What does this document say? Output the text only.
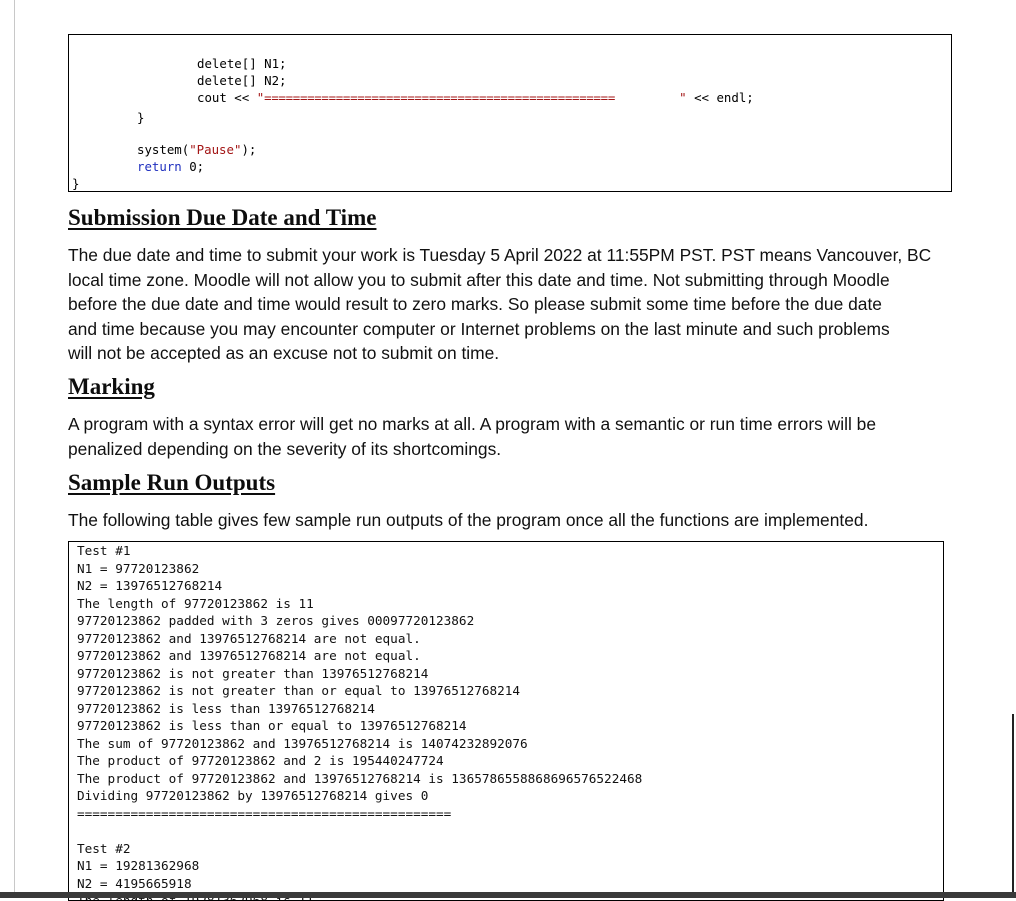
delete[] N1;
delete[] N2;
cout << "=================================================	" << endl;
}
system("Pause");
return 0;
}
Submission Due Date and Time
The due date and time to submit your work is Tuesday 5 April 2022 at 11:55PM PST. PST means Vancouver, BC
local time zone. Moodle will not allow you to submit after this date and time. Not submitting through Moodle
before the due date and time would result to zero marks. So please submit some time before the due date
and time because you may encounter computer or Internet problems on the last minute and such problems
will not be accepted as an excuse not to submit on time.
Marking
A program with a syntax error will get no marks at all. A program with a semantic or run time errors will be
penalized depending on the severity of its shortcomings.
Sample Run Outputs
The following table gives few sample run outputs of the program once all the functions are implemented.
Test #1
N1 = 97720123862
N2 = 13976512768214
The length of 97720123862 is 11
97720123862 padded with 3 zeros gives 00097720123862
97720123862 and 13976512768214 are not equal.
97720123862 and 13976512768214 are not equal.
97720123862 is not greater than 13976512768214
97720123862 is not greater than or equal to 13976512768214
97720123862 is less than 13976512768214
97720123862 is less than or equal to 13976512768214
The sum of 97720123862 and 13976512768214 is 14074232892076
The product of 97720123862 and 2 is 195440247724
The product of 97720123862 and 13976512768214 is 1365786558868696576522468
Dividing 97720123862 by 13976512768214 gives 0
=================================================
Test #2
N1 = 19281362968
N2 = 4195665918
